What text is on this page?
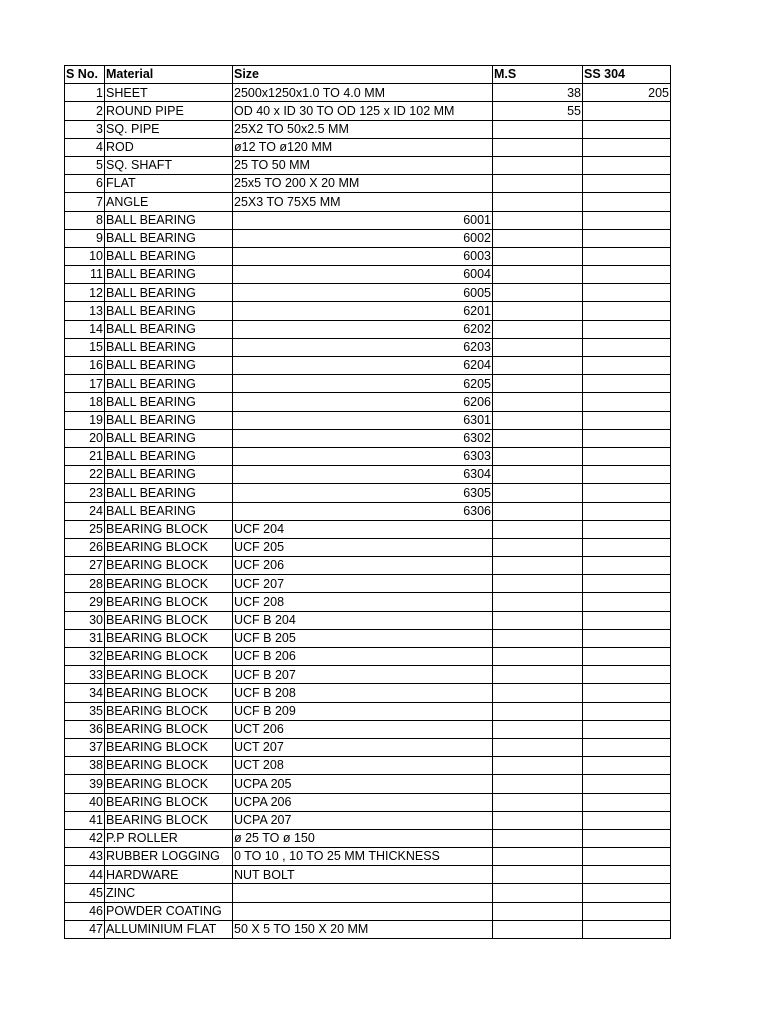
S No.	Material	Size	M.S	SS 304
1	SHEET	2500x1250x1.0 TO 4.0 MM	38	205
2	ROUND PIPE	OD 40 x ID 30 TO OD 125 x ID 102 MM	55	
3	SQ. PIPE	25X2 TO 50x2.5 MM		
4	ROD	ø12 TO ø120 MM		
5	SQ. SHAFT	25 TO 50 MM		
6	FLAT	25x5 TO 200 X 20 MM		
7	ANGLE	25X3 TO 75X5 MM		
8	BALL BEARING	6001		
9	BALL BEARING	6002		
10	BALL BEARING	6003		
11	BALL BEARING	6004		
12	BALL BEARING	6005		
13	BALL BEARING	6201		
14	BALL BEARING	6202		
15	BALL BEARING	6203		
16	BALL BEARING	6204		
17	BALL BEARING	6205		
18	BALL BEARING	6206		
19	BALL BEARING	6301		
20	BALL BEARING	6302		
21	BALL BEARING	6303		
22	BALL BEARING	6304		
23	BALL BEARING	6305		
24	BALL BEARING	6306		
25	BEARING BLOCK	UCF 204		
26	BEARING BLOCK	UCF 205		
27	BEARING BLOCK	UCF 206		
28	BEARING BLOCK	UCF 207		
29	BEARING BLOCK	UCF 208		
30	BEARING BLOCK	UCF B 204		
31	BEARING BLOCK	UCF B 205		
32	BEARING BLOCK	UCF B 206		
33	BEARING BLOCK	UCF B 207		
34	BEARING BLOCK	UCF B 208		
35	BEARING BLOCK	UCF B 209		
36	BEARING BLOCK	UCT 206		
37	BEARING BLOCK	UCT 207		
38	BEARING BLOCK	UCT 208		
39	BEARING BLOCK	UCPA 205		
40	BEARING BLOCK	UCPA 206		
41	BEARING BLOCK	UCPA 207		
42	P.P ROLLER	ø 25 TO ø 150		
43	RUBBER LOGGING	0 TO 10 , 10 TO 25 MM THICKNESS		
44	HARDWARE	NUT BOLT		
45	ZINC			
46	POWDER COATING			
47	ALLUMINIUM FLAT	50 X 5 TO 150 X 20 MM		
